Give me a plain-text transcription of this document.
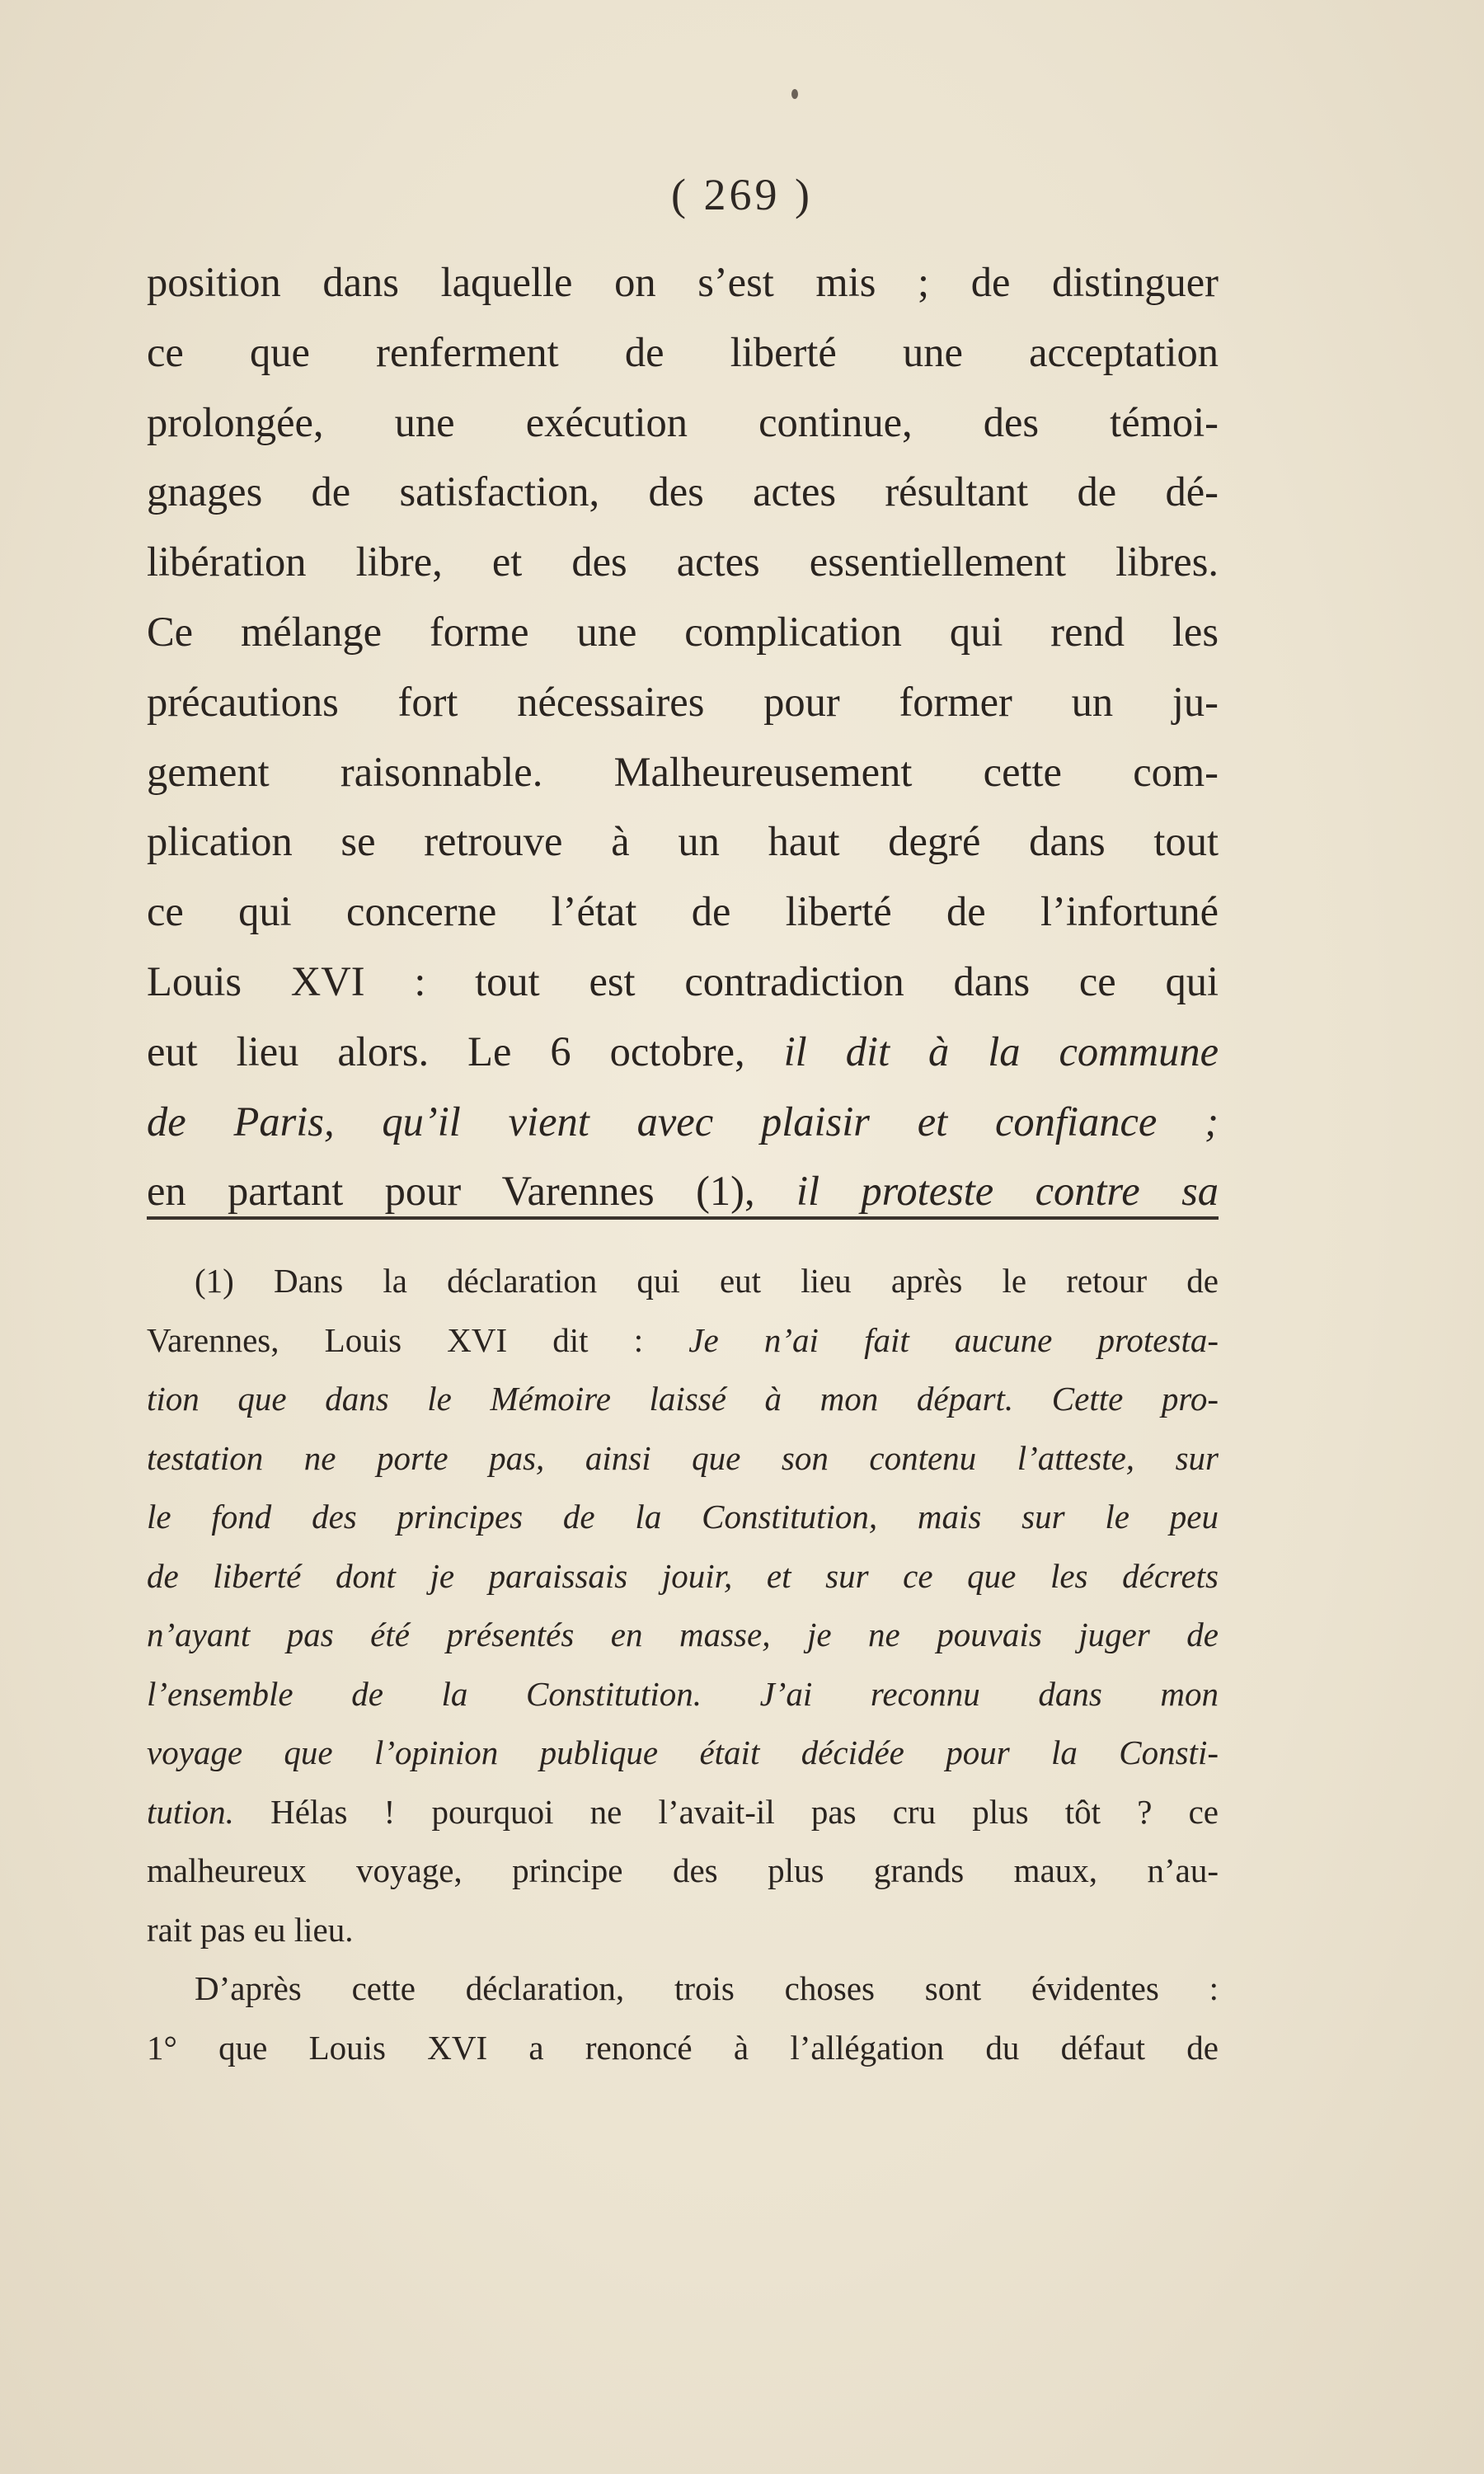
( 269 )
position dans laquelle on s’est mis ; de distinguer
ce que renferment de liberté une acceptation
prolongée, une exécution continue, des témoi-
gnages de satisfaction, des actes résultant de dé-
libération libre, et des actes essentiellement libres.
Ce mélange forme une complication qui rend les
précautions fort nécessaires pour former un ju-
gement raisonnable. Malheureusement cette com-
plication se retrouve à un haut degré dans tout
ce qui concerne l’état de liberté de l’infortuné
Louis XVI : tout est contradiction dans ce qui
eut lieu alors. Le 6 octobre, il dit à la commune
de Paris, qu’il vient avec plaisir et confiance ;
en partant pour Varennes (1), il proteste contre sa
(1) Dans la déclaration qui eut lieu après le retour de
Varennes, Louis XVI dit : Je n’ai fait aucune protesta-
tion que dans le Mémoire laissé à mon départ. Cette pro-
testation ne porte pas, ainsi que son contenu l’atteste, sur
le fond des principes de la Constitution, mais sur le peu
de liberté dont je paraissais jouir, et sur ce que les décrets
n’ayant pas été présentés en masse, je ne pouvais juger de
l’ensemble de la Constitution. J’ai reconnu dans mon
voyage que l’opinion publique était décidée pour la Consti-
tution. Hélas ! pourquoi ne l’avait-il pas cru plus tôt ? ce
malheureux voyage, principe des plus grands maux, n’au-
rait pas eu lieu.
D’après cette déclaration, trois choses sont évidentes :
1° que Louis XVI a renoncé à l’allégation du défaut de
